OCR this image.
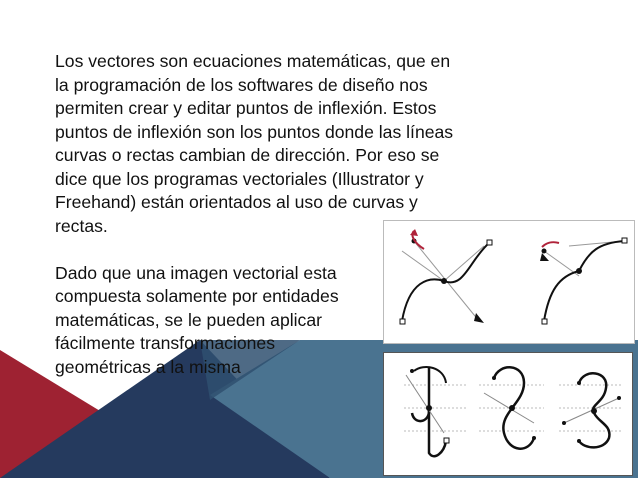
Los vectores son ecuaciones matemáticas, que en
la programación de los softwares de diseño nos
permiten crear y editar puntos de inflexión. Estos
puntos de inflexión son los puntos donde las líneas
curvas o rectas cambian de dirección. Por eso se
dice que los programas vectoriales (Illustrator y
Freehand) están orientados al uso de curvas y
rectas.

Dado que una imagen vectorial esta
compuesta solamente por entidades
matemáticas, se le pueden aplicar
fácilmente transformaciones
geométricas a la misma
